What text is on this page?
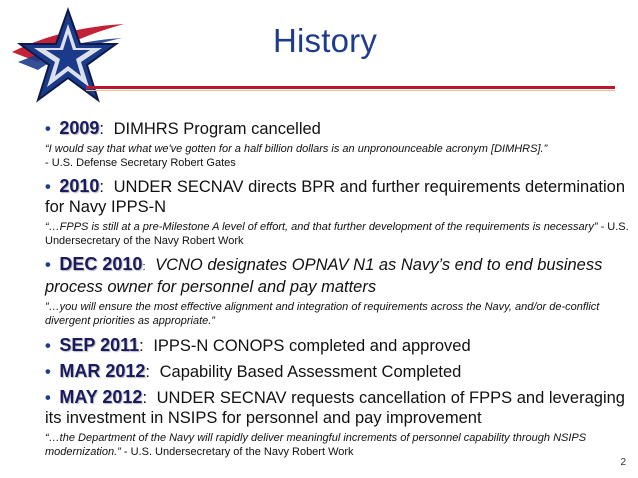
History
• 2009: DIMHRS Program cancelled
“I would say that what we've gotten for a half billion dollars is an unpronounceable acronym [DIMHRS].”
- U.S. Defense Secretary Robert Gates
• 2010: UNDER SECNAV directs BPR and further requirements determination for Navy IPPS-N
“…FPPS is still at a pre-Milestone A level of effort, and that further development of the requirements is necessary” - U.S. Undersecretary of the Navy Robert Work
• DEC 2010: VCNO designates OPNAV N1 as Navy’s end to end business process owner for personnel and pay matters
”…you will ensure the most effective alignment and integration of requirements across the Navy, and/or de-conflict divergent priorities as appropriate.”
• SEP 2011: IPPS-N CONOPS completed and approved
• MAR 2012: Capability Based Assessment Completed
• MAY 2012: UNDER SECNAV requests cancellation of FPPS and leveraging its investment in NSIPS for personnel and pay improvement
“…the Department of the Navy will rapidly deliver meaningful increments of personnel capability through NSIPS modernization.” - U.S. Undersecretary of the Navy Robert Work
2
